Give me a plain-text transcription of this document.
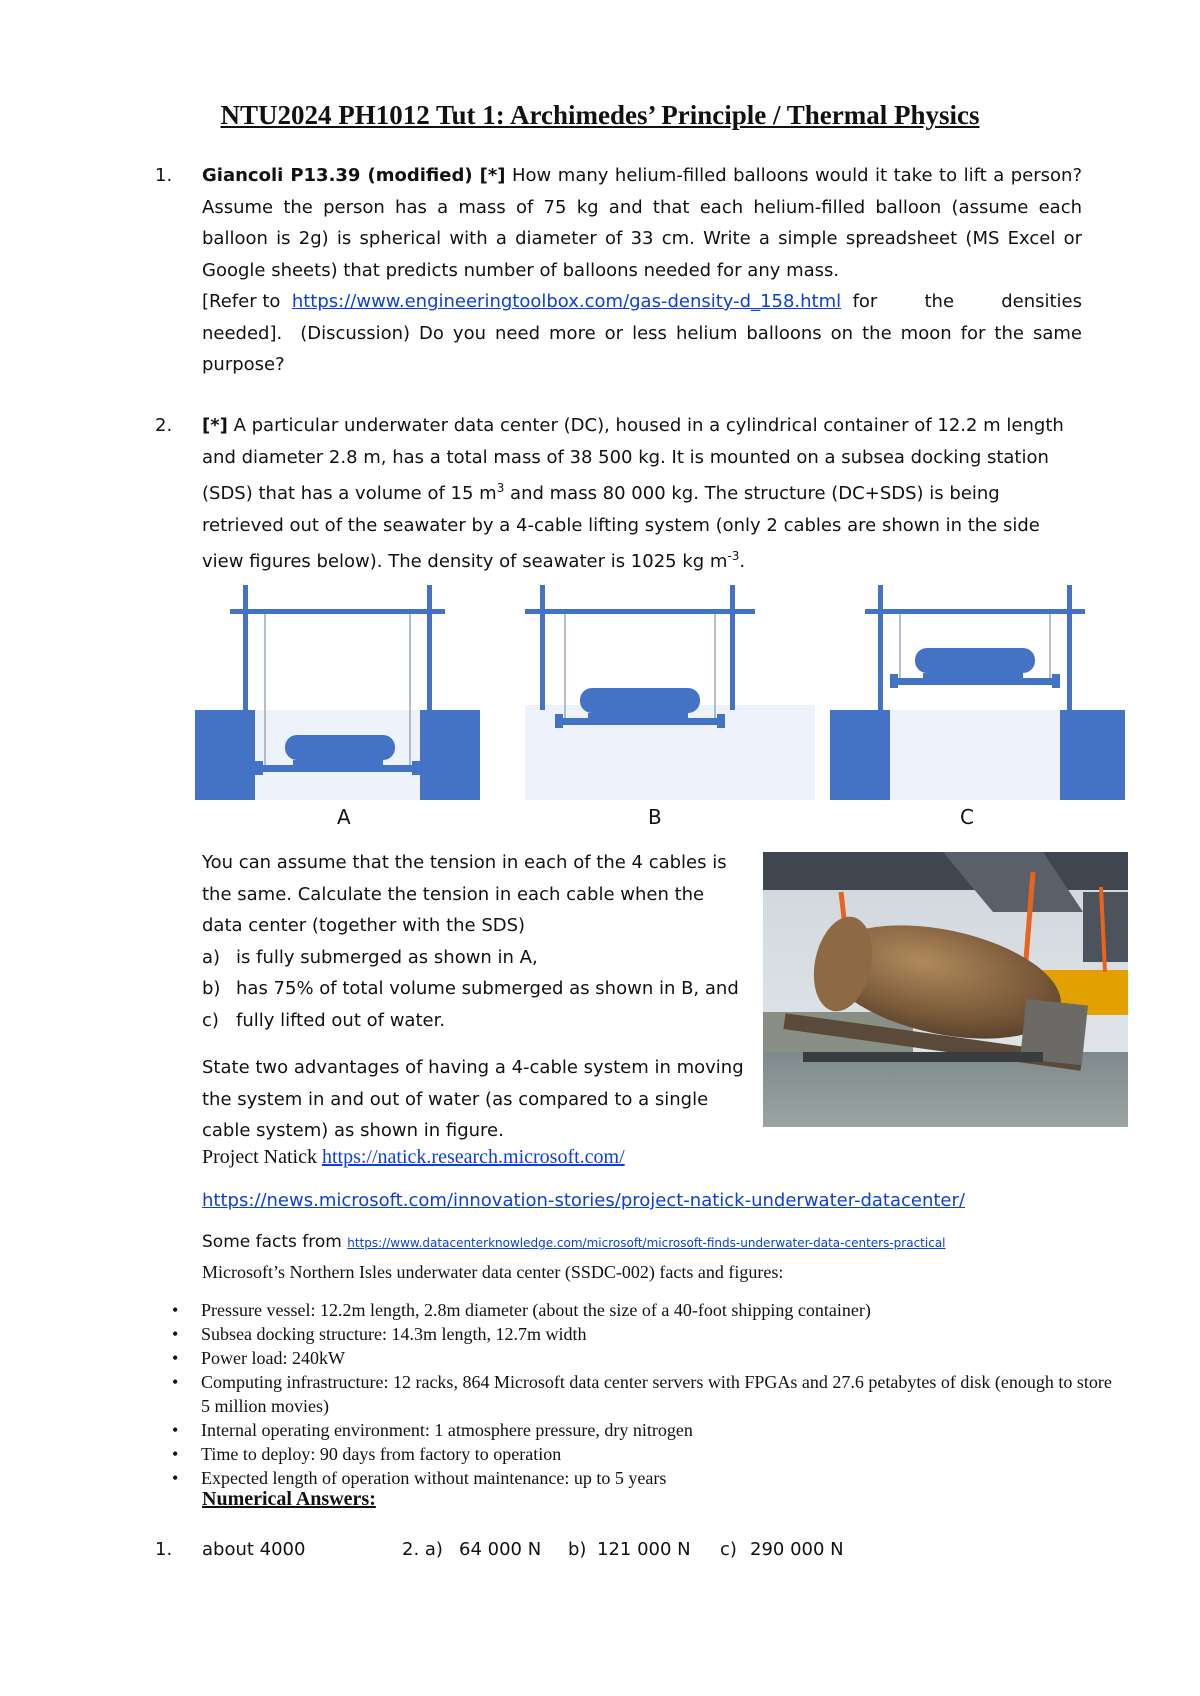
NTU2024 PH1012 Tut 1: Archimedes’ Principle / Thermal Physics
1. Giancoli P13.39 (modified) [*] How many helium-filled balloons would it take to lift a person? Assume the person has a mass of 75 kg and that each helium-filled balloon (assume each balloon is 2g) is spherical with a diameter of 33 cm. Write a simple spreadsheet (MS Excel or Google sheets) that predicts number of balloons needed for any mass.
[Refer to https://www.engineeringtoolbox.com/gas-density-d_158.html for   the   densities
needed].  (Discussion) Do you need more or less helium balloons on the moon for the same purpose?
2. [*] A particular underwater data center (DC), housed in a cylindrical container of 12.2 m length and diameter 2.8 m, has a total mass of 38 500 kg. It is mounted on a subsea docking station (SDS) that has a volume of 15 $m^3$ and mass 80 000 kg. The structure (DC+SDS) is being retrieved out of the seawater by a 4-cable lifting system (only 2 cables are shown in the side view figures below). The density of seawater is 1025 kg $m^{-3}$.
A	B	C
You can assume that the tension in each of the 4 cables is the same. Calculate the tension in each cable when the data center (together with the SDS)
a) is fully submerged as shown in A,
b) has 75% of total volume submerged as shown in B, and
c) fully lifted out of water.
State two advantages of having a 4-cable system in moving the system in and out of water (as compared to a single cable system) as shown in figure.
Project Natick https://natick.research.microsoft.com/
https://news.microsoft.com/innovation-stories/project-natick-underwater-datacenter/
Some facts from https://www.datacenterknowledge.com/microsoft/microsoft-finds-underwater-data-centers-practical
Microsoft’s Northern Isles underwater data center (SSDC-002) facts and figures:
• Pressure vessel: 12.2m length, 2.8m diameter (about the size of a 40-foot shipping container)
• Subsea docking structure: 14.3m length, 12.7m width
• Power load: 240kW
• Computing infrastructure: 12 racks, 864 Microsoft data center servers with FPGAs and 27.6 petabytes of disk (enough to store 5 million movies)
• Internal operating environment: 1 atmosphere pressure, dry nitrogen
• Time to deploy: 90 days from factory to operation
• Expected length of operation without maintenance: up to 5 years
Numerical Answers:
1. about 4000	2. a) 64 000 N b) 121 000 N c) 290 000 N
